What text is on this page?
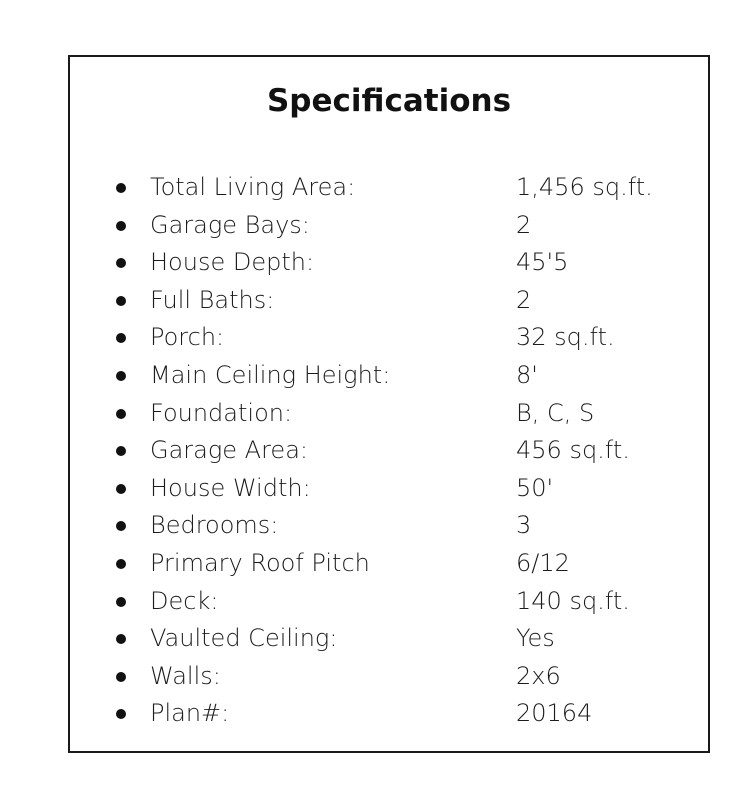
Specifications
Total Living Area:	1,456 sq.ft.
Garage Bays:	2
House Depth:	45'5
Full Baths:	2
Porch:	32 sq.ft.
Main Ceiling Height:	8'
Foundation:	B, C, S
Garage Area:	456 sq.ft.
House Width:	50'
Bedrooms:	3
Primary Roof Pitch	6/12
Deck:	140 sq.ft.
Vaulted Ceiling:	Yes
Walls:	2x6
Plan#:	20164
